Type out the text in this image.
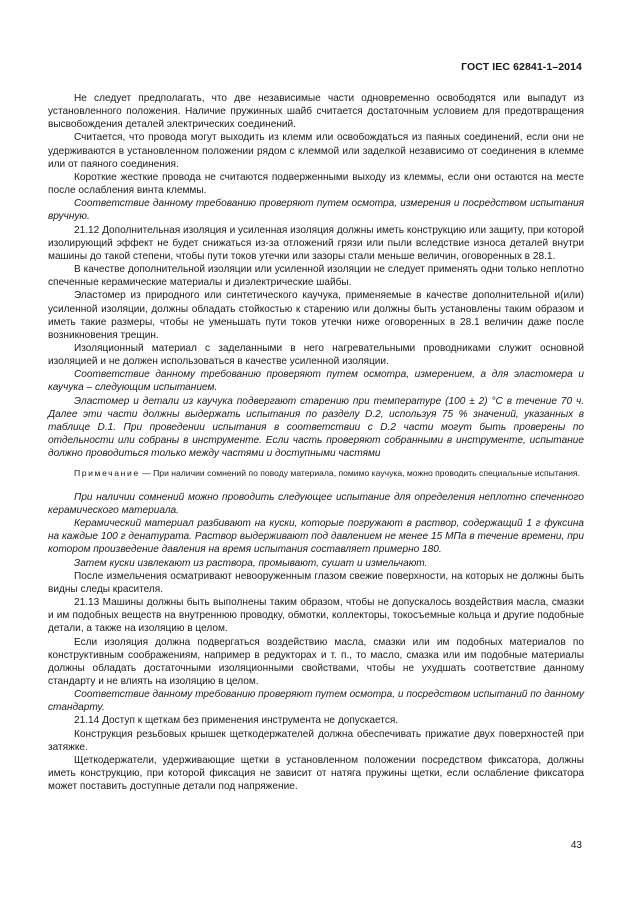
ГОСТ IEC 62841-1–2014

Не следует предполагать, что две независимые части одновременно освободятся или выпадут из установленного положения. Наличие пружинных шайб считается достаточным условием для предотвращения высвобождения деталей электрических соединений.

Считается, что провода могут выходить из клемм или освобождаться из паяных соединений, если они не удерживаются в установленном положении рядом с клеммой или заделкой независимо от соединения в клемме или от паяного соединения.

Короткие жесткие провода не считаются подверженными выходу из клеммы, если они остаются на месте после ослабления винта клеммы.

Соответствие данному требованию проверяют путем осмотра, измерения и посредством испытания вручную.

21.12 Дополнительная изоляция и усиленная изоляция должны иметь конструкцию или защиту, при которой изолирующий эффект не будет снижаться из-за отложений грязи или пыли вследствие износа деталей внутри машины до такой степени, чтобы пути токов утечки или зазоры стали меньше величин, оговоренных в 28.1.

В качестве дополнительной изоляции или усиленной изоляции не следует применять одни только неплотно спеченные керамические материалы и диэлектрические шайбы.

Эластомер из природного или синтетического каучука, применяемые в качестве дополнительной и(или) усиленной изоляции, должны обладать стойкостью к старению или должны быть установлены таким образом и иметь такие размеры, чтобы не уменьшать пути токов утечки ниже оговоренных в 28.1 величин даже после возникновения трещин.

Изоляционный материал с заделанными в него нагревательными проводниками служит основной изоляцией и не должен использоваться в качестве усиленной изоляции.

Соответствие данному требованию проверяют путем осмотра, измерением, а для эластомера и каучука – следующим испытанием.

Эластомер и детали из каучука подвергают старению при температуре (100 ± 2) °C в течение 70 ч. Далее эти части должны выдержать испытания по разделу D.2, используя 75 % значений, указанных в таблице D.1. При проведении испытания в соответствии с D.2 части могут быть проверены по отдельности или собраны в инструменте. Если часть проверяют собранными в инструменте, испытание должно проводиться только между частями и доступными частями

Примечание — При наличии сомнений по поводу материала, помимо каучука, можно проводить специальные испытания.

При наличии сомнений можно проводить следующее испытание для определения неплотно спеченного керамического материала.

Керамический материал разбивают на куски, которые погружают в раствор, содержащий 1 г фуксина на каждые 100 г денатурата. Раствор выдерживают под давлением не менее 15 МПа в течение времени, при котором произведение давления на время испытания составляет примерно 180.

Затем куски извлекают из раствора, промывают, сушат и измельчают.

После измельчения осматривают невооруженным глазом свежие поверхности, на которых не должны быть видны следы красителя.

21.13 Машины должны быть выполнены таким образом, чтобы не допускалось воздействия масла, смазки и им подобных веществ на внутреннюю проводку, обмотки, коллекторы, токосъемные кольца и другие подобные детали, а также на изоляцию в целом.

Если изоляция должна подвергаться воздействию масла, смазки или им подобных материалов по конструктивным соображениям, например в редукторах и т. п., то масло, смазка или им подобные материалы должны обладать достаточными изоляционными свойствами, чтобы не ухудшать соответствие данному стандарту и не влиять на изоляцию в целом.

Соответствие данному требованию проверяют путем осмотра, и посредством испытаний по данному стандарту.

21.14 Доступ к щеткам без применения инструмента не допускается.

Конструкция резьбовых крышек щеткодержателей должна обеспечивать прижатие двух поверхностей при затяжке.

Щеткодержатели, удерживающие щетки в установленном положении посредством фиксатора, должны иметь конструкцию, при которой фиксация не зависит от натяга пружины щетки, если ослабление фиксатора может поставить доступные детали под напряжение.

43
